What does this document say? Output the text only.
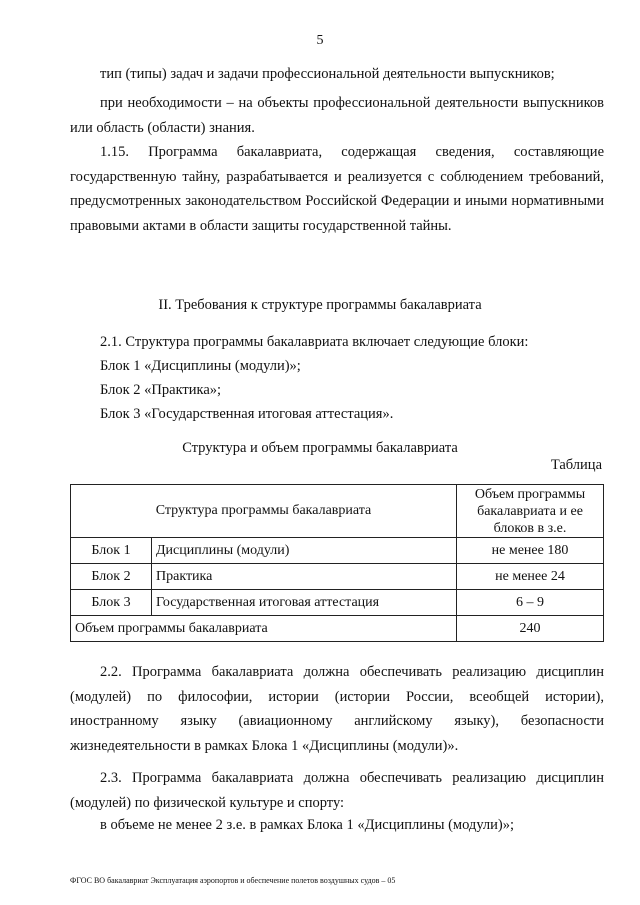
5
тип (типы) задач и задачи профессиональной деятельности выпускников;
при необходимости – на объекты профессиональной деятельности выпускников или область (области) знания.
1.15. Программа бакалавриата, содержащая сведения, составляющие государственную тайну, разрабатывается и реализуется с соблюдением требований, предусмотренных законодательством Российской Федерации и иными нормативными правовыми актами в области защиты государственной тайны.
II. Требования к структуре программы бакалавриата
2.1. Структура программы бакалавриата включает следующие блоки:
Блок 1 «Дисциплины (модули)»;
Блок 2 «Практика»;
Блок 3 «Государственная итоговая аттестация».
Структура и объем программы бакалавриата
Таблица
Структура программы бакалавриата		Объем программы бакалавриата и ее блоков в з.е.
Блок 1	Дисциплины (модули)	не менее 180
Блок 2	Практика	не менее 24
Блок 3	Государственная итоговая аттестация	6 – 9
Объем программы бакалавриата		240
2.2. Программа бакалавриата должна обеспечивать реализацию дисциплин (модулей) по философии, истории (истории России, всеобщей истории), иностранному языку (авиационному английскому языку), безопасности жизнедеятельности в рамках Блока 1 «Дисциплины (модули)».
2.3. Программа бакалавриата должна обеспечивать реализацию дисциплин (модулей) по физической культуре и спорту:
в объеме не менее 2 з.е. в рамках Блока 1 «Дисциплины (модули)»;
ФГОС ВО бакалавриат Эксплуатация аэропортов и обеспечение полетов воздушных судов – 05
